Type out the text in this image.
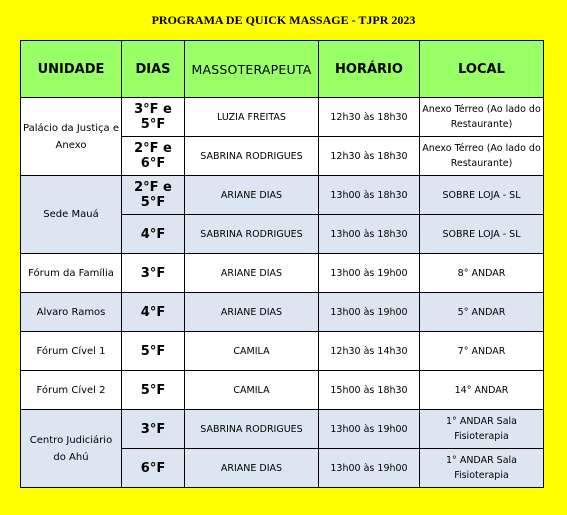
PROGRAMA DE QUICK MASSAGE - TJPR 2023
UNIDADE	DIAS	MASSOTERAPEUTA	HORÁRIO	LOCAL
Palácio da Justiça e Anexo	3°F e 5°F	LUZIA FREITAS	12h30 às 18h30	Anexo Térreo (Ao lado do Restaurante)
	2°F e 6°F	SABRINA RODRIGUES	12h30 às 18h30	Anexo Térreo (Ao lado do Restaurante)
Sede Mauá	2°F e 5°F	ARIANE DIAS	13h00 às 18h30	SOBRE LOJA - SL
	4°F	SABRINA RODRIGUES	13h00 às 18h30	SOBRE LOJA - SL
Fórum da Família	3°F	ARIANE DIAS	13h00 às 19h00	8° ANDAR
Alvaro Ramos	4°F	ARIANE DIAS	13h00 às 19h00	5° ANDAR
Fórum Cível 1	5°F	CAMILA	12h30 às 14h30	7° ANDAR
Fórum Cível 2	5°F	CAMILA	15h00 às 18h30	14° ANDAR
Centro Judiciário do Ahú	3°F	SABRINA RODRIGUES	13h00 às 19h00	1° ANDAR Sala Fisioterapia
	6°F	ARIANE DIAS	13h00 às 19h00	1° ANDAR Sala Fisioterapia
